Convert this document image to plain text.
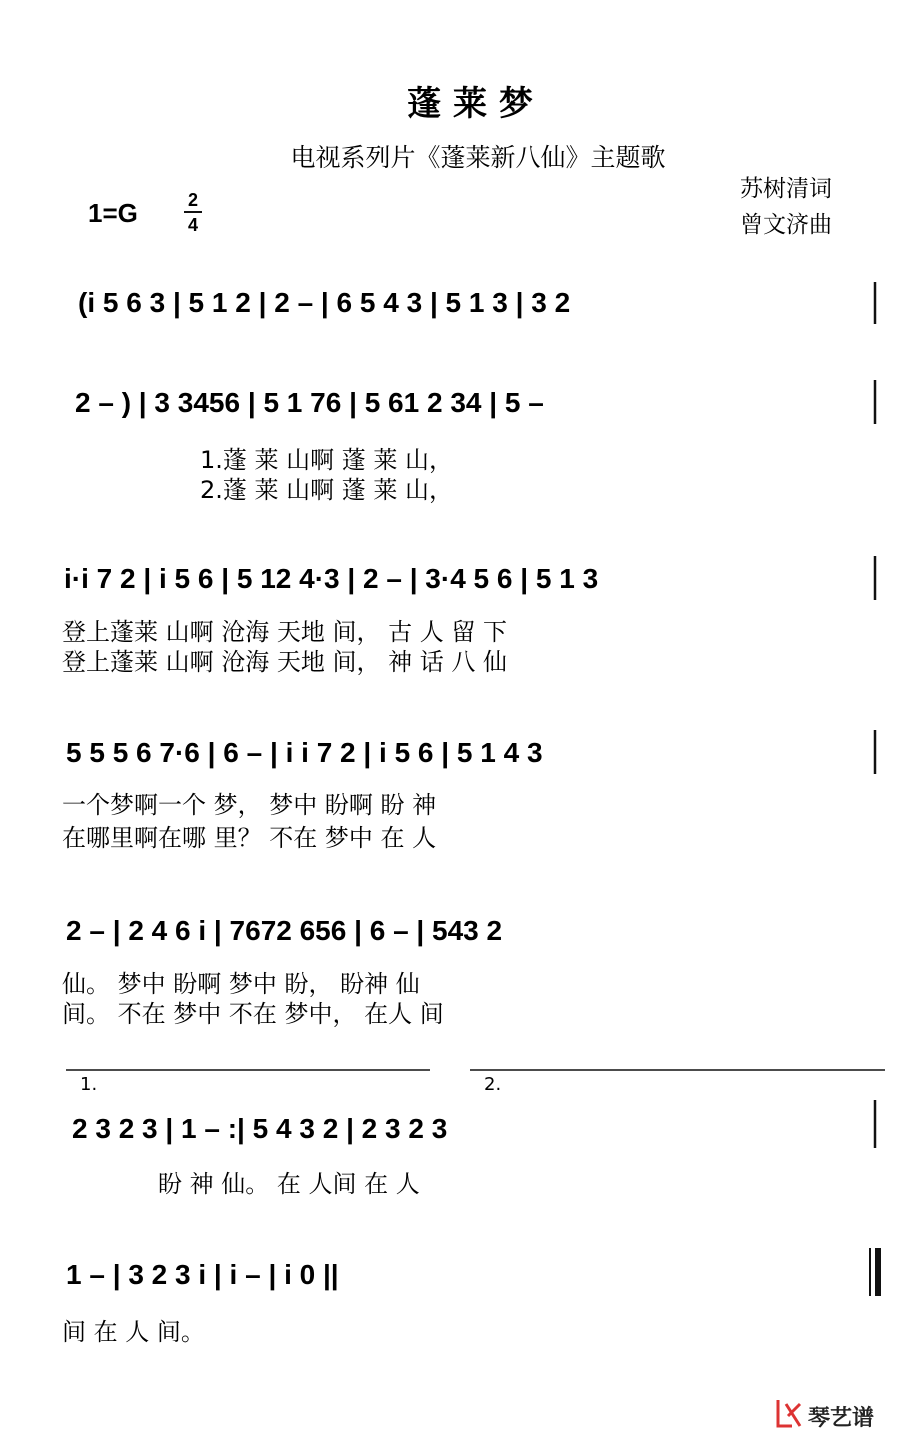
蓬 莱 梦
电视系列片《蓬莱新八仙》主题歌
1=G	2
4
苏树清词
曾文济曲
(i 5 6 3 | 5 1 2 | 2 – | 6 5 4 3 | 5 1 3 | 3 2
2 – ) | 3 3456 | 5 1 76 | 5 61 2 34 | 5 –
1.蓬 莱 山啊 蓬 莱 山，
2.蓬 莱 山啊 蓬 莱 山，
i·i 7 2 | i 5 6 | 5 12 4·3 | 2 – | 3·4 5 6 | 5 1 3
登上蓬莱 山啊 沧海 天地 间， 古 人 留 下
登上蓬莱 山啊 沧海 天地 间， 神 话 八 仙
5 5 5 6 7·6 | 6 – | i i 7 2 | i 5 6 | 5 1 4 3
一个梦啊一个 梦， 梦中 盼啊 盼 神
在哪里啊在哪 里？ 不在 梦中 在 人
2 – | 2 4 6 i | 7672 656 | 6 – | 543 2
仙。 梦中 盼啊 梦中 盼， 盼神 仙
间。 不在 梦中 不在 梦中， 在人 间
1.	2.
2 3 2 3 | 1 – :| 5 4 3 2 | 2 3 2 3
盼 神 仙。 在 人间 在 人
1 – | 3 2 3 i | i – | i 0 ||
间 在 人 间。
琴艺谱
